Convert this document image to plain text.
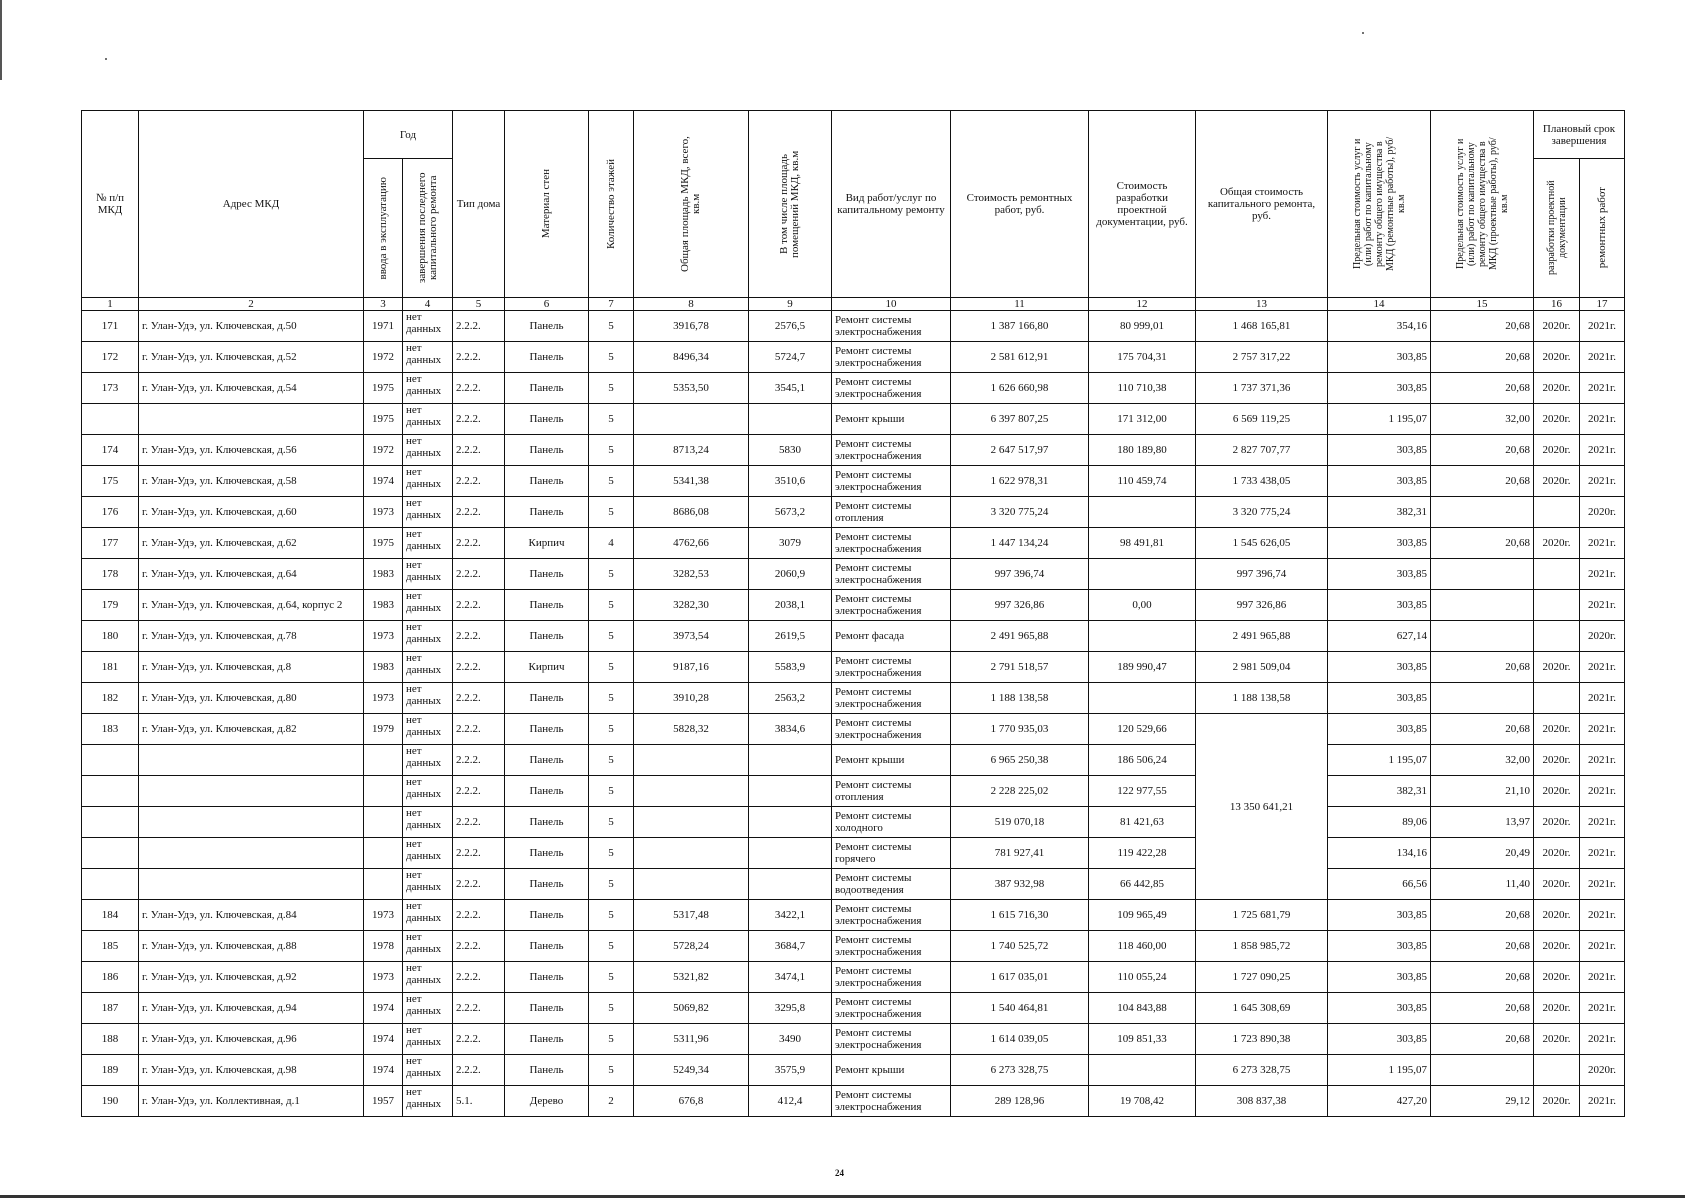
№ п/п МКД	Адрес МКД	Год		Тип дома	Материал стен	Количество этажей	Общая площадь МКД, всего, кв.м	В том числе площадь помещений МКД, кв.м	Вид работ/услуг по капитальному ремонту	Стоимость ремонтных работ, руб.	Стоимость разработки проектной документации, руб.	Общая стоимость капитального ремонта, руб.	Предельная стоимость услуг и (или) работ по капитальному ремонту общего имущества в МКД (ремонтные работы), руб/кв.м	Предельная стоимость услуг и (или) работ по капитальному ремонту общего имущества в МКД (проектные работы), руб/кв.м	Плановый срок завершения	

		ввода в эксплуатацию	завершения последнего капитального ремонта												разработки проектной документации	ремонтных работ

1	2	3	4	5	6	7	8	9	10	11	12	13	14	15	16	17
171	г. Улан-Удэ, ул. Ключевская, д.50	1971	нет данных	2.2.2.	Панель	5	3916,78	2576,5	Ремонт системы электроснабжения	1 387 166,80	80 999,01	1 468 165,81	354,16	20,68	2020г.	2021г.
172	г. Улан-Удэ, ул. Ключевская, д.52	1972	нет данных	2.2.2.	Панель	5	8496,34	5724,7	Ремонт системы электроснабжения	2 581 612,91	175 704,31	2 757 317,22	303,85	20,68	2020г.	2021г.
173	г. Улан-Удэ, ул. Ключевская, д.54	1975	нет данных	2.2.2.	Панель	5	5353,50	3545,1	Ремонт системы электроснабжения	1 626 660,98	110 710,38	1 737 371,36	303,85	20,68	2020г.	2021г.
		1975	нет данных	2.2.2.	Панель	5			Ремонт крыши	6 397 807,25	171 312,00	6 569 119,25	1 195,07	32,00	2020г.	2021г.
174	г. Улан-Удэ, ул. Ключевская, д.56	1972	нет данных	2.2.2.	Панель	5	8713,24	5830	Ремонт системы электроснабжения	2 647 517,97	180 189,80	2 827 707,77	303,85	20,68	2020г.	2021г.
175	г. Улан-Удэ, ул. Ключевская, д.58	1974	нет данных	2.2.2.	Панель	5	5341,38	3510,6	Ремонт системы электроснабжения	1 622 978,31	110 459,74	1 733 438,05	303,85	20,68	2020г.	2021г.
176	г. Улан-Удэ, ул. Ключевская, д.60	1973	нет данных	2.2.2.	Панель	5	8686,08	5673,2	Ремонт системы отопления	3 320 775,24		3 320 775,24	382,31			2020г.
177	г. Улан-Удэ, ул. Ключевская, д.62	1975	нет данных	2.2.2.	Кирпич	4	4762,66	3079	Ремонт системы электроснабжения	1 447 134,24	98 491,81	1 545 626,05	303,85	20,68	2020г.	2021г.
178	г. Улан-Удэ, ул. Ключевская, д.64	1983	нет данных	2.2.2.	Панель	5	3282,53	2060,9	Ремонт системы электроснабжения	997 396,74		997 396,74	303,85			2021г.
179	г. Улан-Удэ, ул. Ключевская, д.64, корпус 2	1983	нет данных	2.2.2.	Панель	5	3282,30	2038,1	Ремонт системы электроснабжения	997 326,86	0,00	997 326,86	303,85			2021г.
180	г. Улан-Удэ, ул. Ключевская, д.78	1973	нет данных	2.2.2.	Панель	5	3973,54	2619,5	Ремонт фасада	2 491 965,88		2 491 965,88	627,14			2020г.
181	г. Улан-Удэ, ул. Ключевская, д.8	1983	нет данных	2.2.2.	Кирпич	5	9187,16	5583,9	Ремонт системы электроснабжения	2 791 518,57	189 990,47	2 981 509,04	303,85	20,68	2020г.	2021г.
182	г. Улан-Удэ, ул. Ключевская, д.80	1973	нет данных	2.2.2.	Панель	5	3910,28	2563,2	Ремонт системы электроснабжения	1 188 138,58		1 188 138,58	303,85			2021г.
183	г. Улан-Удэ, ул. Ключевская, д.82	1979	нет данных	2.2.2.	Панель	5	5828,32	3834,6	Ремонт системы электроснабжения	1 770 935,03	120 529,66	13 350 641,21	303,85	20,68	2020г.	2021г.
			нет данных	2.2.2.	Панель	5			Ремонт крыши	6 965 250,38	186 506,24		1 195,07	32,00	2020г.	2021г.
			нет данных	2.2.2.	Панель	5			Ремонт системы отопления	2 228 225,02	122 977,55		382,31	21,10	2020г.	2021г.
			нет данных	2.2.2.	Панель	5			Ремонт системы холодного	519 070,18	81 421,63		89,06	13,97	2020г.	2021г.
			нет данных	2.2.2.	Панель	5			Ремонт системы горячего	781 927,41	119 422,28		134,16	20,49	2020г.	2021г.
			нет данных	2.2.2.	Панель	5			Ремонт системы водоотведения	387 932,98	66 442,85		66,56	11,40	2020г.	2021г.
184	г. Улан-Удэ, ул. Ключевская, д.84	1973	нет данных	2.2.2.	Панель	5	5317,48	3422,1	Ремонт системы электроснабжения	1 615 716,30	109 965,49	1 725 681,79	303,85	20,68	2020г.	2021г.
185	г. Улан-Удэ, ул. Ключевская, д.88	1978	нет данных	2.2.2.	Панель	5	5728,24	3684,7	Ремонт системы электроснабжения	1 740 525,72	118 460,00	1 858 985,72	303,85	20,68	2020г.	2021г.
186	г. Улан-Удэ, ул. Ключевская, д.92	1973	нет данных	2.2.2.	Панель	5	5321,82	3474,1	Ремонт системы электроснабжения	1 617 035,01	110 055,24	1 727 090,25	303,85	20,68	2020г.	2021г.
187	г. Улан-Удэ, ул. Ключевская, д.94	1974	нет данных	2.2.2.	Панель	5	5069,82	3295,8	Ремонт системы электроснабжения	1 540 464,81	104 843,88	1 645 308,69	303,85	20,68	2020г.	2021г.
188	г. Улан-Удэ, ул. Ключевская, д.96	1974	нет данных	2.2.2.	Панель	5	5311,96	3490	Ремонт системы электроснабжения	1 614 039,05	109 851,33	1 723 890,38	303,85	20,68	2020г.	2021г.
189	г. Улан-Удэ, ул. Ключевская, д.98	1974	нет данных	2.2.2.	Панель	5	5249,34	3575,9	Ремонт крыши	6 273 328,75		6 273 328,75	1 195,07			2020г.
190	г. Улан-Удэ, ул. Коллективная, д.1	1957	нет данных	5.1.	Дерево	2	676,8	412,4	Ремонт системы электроснабжения	289 128,96	19 708,42	308 837,38	427,20	29,12	2020г.	2021г.
24
